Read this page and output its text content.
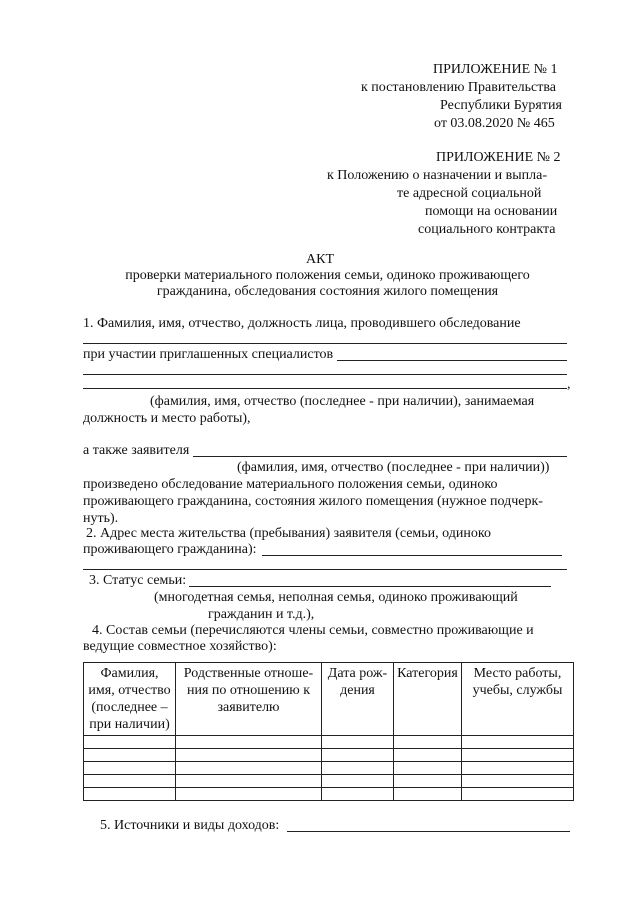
ПРИЛОЖЕНИЕ № 1

к постановлению Правительства

Республики Бурятия

от 03.08.2020 № 465

ПРИЛОЖЕНИЕ № 2

к Положению о назначении и выпла-

те адресной социальной

помощи на основании

социального контракта

АКТ

проверки материального положения семьи, одиноко проживающего

гражданина, обследования состояния жилого помещения

1. Фамилия, имя, отчество, должность лица, проводившего обследование

при участии приглашенных специалистов

,

(фамилия, имя, отчество (последнее - при наличии), занимаемая

должность и место работы),

а также заявителя

(фамилия, имя, отчество (последнее - при наличии))

произведено обследование материального положения семьи, одиноко

проживающего гражданина, состояния жилого помещения (нужное подчерк-

нуть).

2. Адрес места жительства (пребывания) заявителя (семьи, одиноко

проживающего гражданина):

3. Статус семьи:

(многодетная семья, неполная семья, одиноко проживающий

гражданин и т.д.),

4. Состав семьи (перечисляются члены семьи, совместно проживающие и

ведущие совместное хозяйство):

Фамилия, имя, отчество (последнее – при наличии)	Родственные отноше-ния по отношению к заявителю	Дата рож-дения	Категория	Место работы, учебы, службы

5. Источники и виды доходов:
